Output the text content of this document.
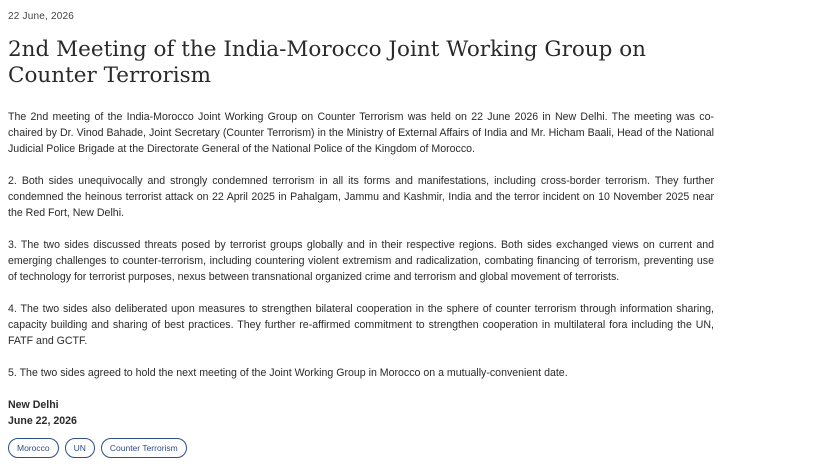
22 June, 2026
2nd Meeting of the India-Morocco Joint Working Group on Counter Terrorism

The 2nd meeting of the India-Morocco Joint Working Group on Counter Terrorism was held on 22 June 2026 in New Delhi. The meeting was co-chaired by Dr. Vinod Bahade, Joint Secretary (Counter Terrorism) in the Ministry of External Affairs of India and Mr. Hicham Baali, Head of the National Judicial Police Brigade at the Directorate General of the National Police of the Kingdom of Morocco.

2. Both sides unequivocally and strongly condemned terrorism in all its forms and manifestations, including cross-border terrorism. They further condemned the heinous terrorist attack on 22 April 2025 in Pahalgam, Jammu and Kashmir, India and the terror incident on 10 November 2025 near the Red Fort, New Delhi.

3. The two sides discussed threats posed by terrorist groups globally and in their respective regions. Both sides exchanged views on current and emerging challenges to counter-terrorism, including countering violent extremism and radicalization, combating financing of terrorism, preventing use of technology for terrorist purposes, nexus between transnational organized crime and terrorism and global movement of terrorists.

4. The two sides also deliberated upon measures to strengthen bilateral cooperation in the sphere of counter terrorism through information sharing, capacity building and sharing of best practices. They further re-affirmed commitment to strengthen cooperation in multilateral fora including the UN, FATF and GCTF.

5. The two sides agreed to hold the next meeting of the Joint Working Group in Morocco on a mutually-convenient date.

New Delhi
June 22, 2026
Morocco	UN	Counter Terrorism
